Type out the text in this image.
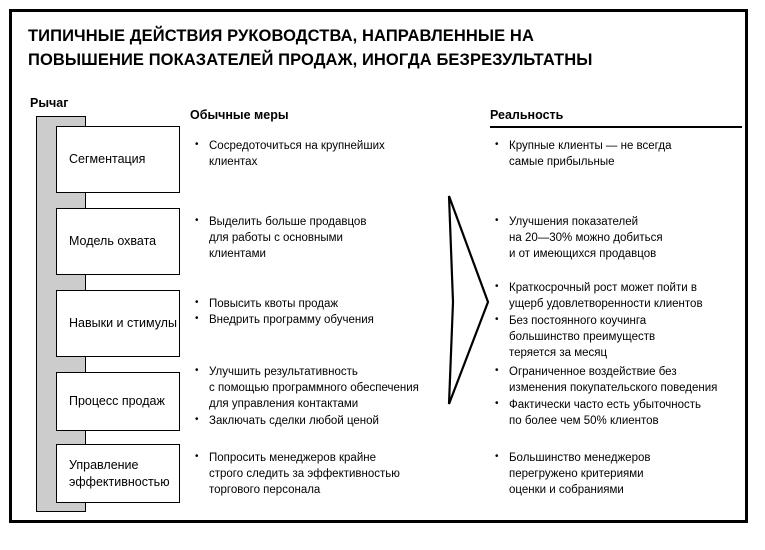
ТИПИЧНЫЕ ДЕЙСТВИЯ РУКОВОДСТВА, НАПРАВЛЕННЫЕ НА
ПОВЫШЕНИЕ ПОКАЗАТЕЛЕЙ ПРОДАЖ, ИНОГДА БЕЗРЕЗУЛЬТАТНЫ
Рычаг
Обычные меры	Реальность
Сегментация
Модель охвата
Навыки и стимулы
Процесс продаж
Управление эффективностью
• Сосредоточиться на крупнейших
клиентах
• Выделить больше продавцов
для работы с основными
клиентами
• Повысить квоты продаж
• Внедрить программу обучения
• Улучшить результативность
с помощью программного обеспечения
для управления контактами
• Заключать сделки любой ценой
• Попросить менеджеров крайне
строго следить за эффективностью
торгового персонала
• Крупные клиенты — не всегда
самые прибыльные
• Улучшения показателей
на 20—30% можно добиться
и от имеющихся продавцов
• Краткосрочный рост может пойти в
ущерб удовлетворенности клиентов
• Без постоянного коучинга
большинство преимуществ
теряется за месяц
• Ограниченное воздействие без
изменения покупательского поведения
• Фактически часто есть убыточность
по более чем 50% клиентов
• Большинство менеджеров
перегружено критериями
оценки и собраниями
